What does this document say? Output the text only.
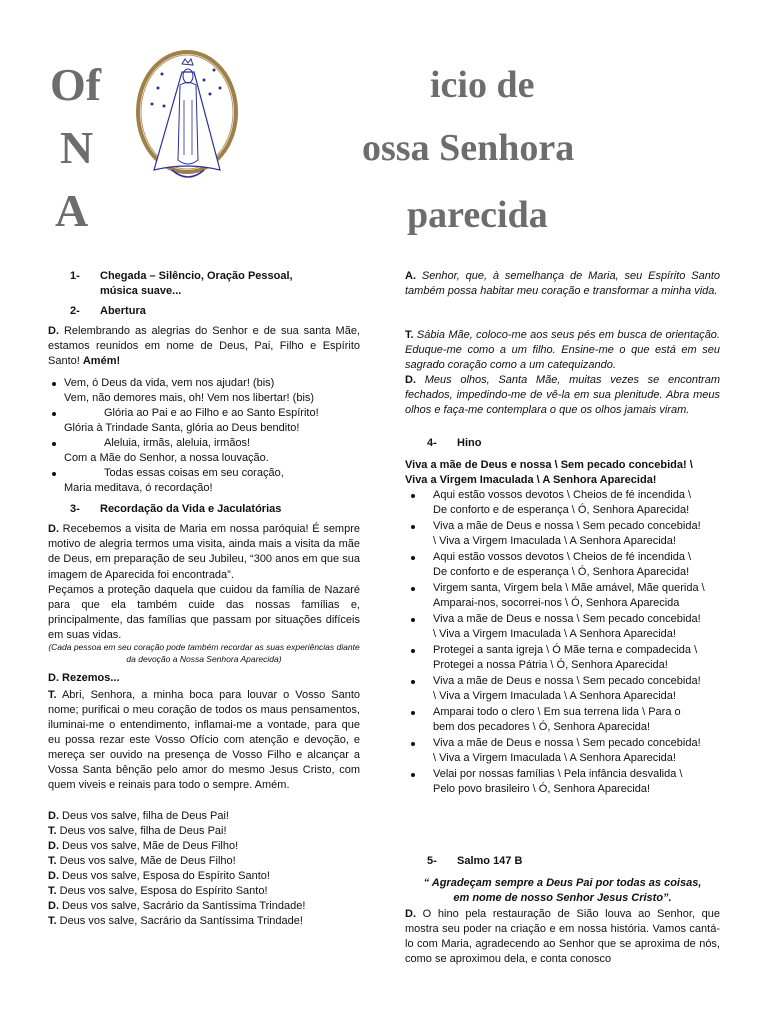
Of
N
A
icio de
ossa Senhora
parecida
1-	Chegada – Silêncio, Oração Pessoal, música suave...
2- Abertura
D. Relembrando as alegrias do Senhor e de sua santa Mãe, estamos reunidos em nome de Deus, Pai, Filho e Espírito Santo! Amém!
Vem, ó Deus da vida, vem nos ajudar! (bis)
Vem, não demores mais, oh! Vem nos libertar! (bis)
Glória ao Pai e ao Filho e ao Santo Espírito!
Glória à Trindade Santa, glória ao Deus bendito!
Aleluia, irmãs, aleluia, irmãos!
Com a Mãe do Senhor, a nossa louvação.
Todas essas coisas em seu coração,
Maria meditava, ó recordação!
3- Recordação da Vida e Jaculatórias
D. Recebemos a visita de Maria em nossa paróquia! É sempre motivo de alegria termos uma visita, ainda mais a visita da mãe de Deus, em preparação de seu Jubileu, “300 anos em que sua imagem de Aparecida foi encontrada”.
Peçamos a proteção daquela que cuidou da família de Nazaré para que ela também cuide das nossas famílias e, principalmente, das famílias que passam por situações difíceis em suas vidas.
(Cada pessoa em seu coração pode também recordar as suas experiências diante da devoção a Nossa Senhora Aparecida)
D. Rezemos...
T. Abri, Senhora, a minha boca para louvar o Vosso Santo nome; purificai o meu coração de todos os maus pensamentos, iluminai-me o entendimento, inflamai-me a vontade, para que eu possa rezar este Vosso Ofício com atenção e devoção, e mereça ser ouvido na presença de Vosso Filho e alcançar a Vossa Santa bênção pelo amor do mesmo Jesus Cristo, com quem viveis e reinais para todo o sempre. Amém.
D. Deus vos salve, filha de Deus Pai!
T. Deus vos salve, filha de Deus Pai!
D. Deus vos salve, Mãe de Deus Filho!
T. Deus vos salve, Mãe de Deus Filho!
D. Deus vos salve, Esposa do Espírito Santo!
T. Deus vos salve, Esposa do Espírito Santo!
D. Deus vos salve, Sacrário da Santíssima Trindade!
T. Deus vos salve, Sacrário da Santíssima Trindade!
A. Senhor, que, à semelhança de Maria, seu Espírito Santo também possa habitar meu coração e transformar a minha vida.
T. Sábia Mãe, coloco-me aos seus pés em busca de orientação. Eduque-me como a um filho. Ensine-me o que está em seu sagrado coração como a um catequizando.
D. Meus olhos, Santa Mãe, muitas vezes se encontram fechados, impedindo-me de vê-la em sua plenitude. Abra meus olhos e faça-me contemplara o que os olhos jamais viram.
4- Hino
Viva a mãe de Deus e nossa \ Sem pecado concebida! \ Viva a Virgem Imaculada \ A Senhora Aparecida!
Aqui estão vossos devotos \ Cheios de fé incendida \ De conforto e de esperança \ Ó, Senhora Aparecida!
Viva a mãe de Deus e nossa \ Sem pecado concebida! \ Viva a Virgem Imaculada \ A Senhora Aparecida!
Aqui estão vossos devotos \ Cheios de fé incendida \ De conforto e de esperança \ Ó, Senhora Aparecida!
Virgem santa, Virgem bela \ Mãe amável, Mãe querida \ Amparai-nos, socorrei-nos \ Ó, Senhora Aparecida
Viva a mãe de Deus e nossa \ Sem pecado concebida! \ Viva a Virgem Imaculada \ A Senhora Aparecida!
Protegei a santa igreja \ Ó Mãe terna e compadecida \ Protegei a nossa Pátria \ Ó, Senhora Aparecida!
Viva a mãe de Deus e nossa \ Sem pecado concebida! \ Viva a Virgem Imaculada \ A Senhora Aparecida!
Amparai todo o clero \ Em sua terrena lida \ Para o bem dos pecadores \ Ó, Senhora Aparecida!
Viva a mãe de Deus e nossa \ Sem pecado concebida! \ Viva a Virgem Imaculada \ A Senhora Aparecida!
Velai por nossas famílias \ Pela infância desvalida \ Pelo povo brasileiro \ Ó, Senhora Aparecida!
5- Salmo 147 B
“ Agradeçam sempre a Deus Pai por todas as coisas, em nome de nosso Senhor Jesus Cristo”.
D. O hino pela restauração de Sião louva ao Senhor, que mostra seu poder na criação e em nossa história. Vamos cantá-lo com Maria, agradecendo ao Senhor que se aproxima de nós, como se aproximou dela, e conta conosco
